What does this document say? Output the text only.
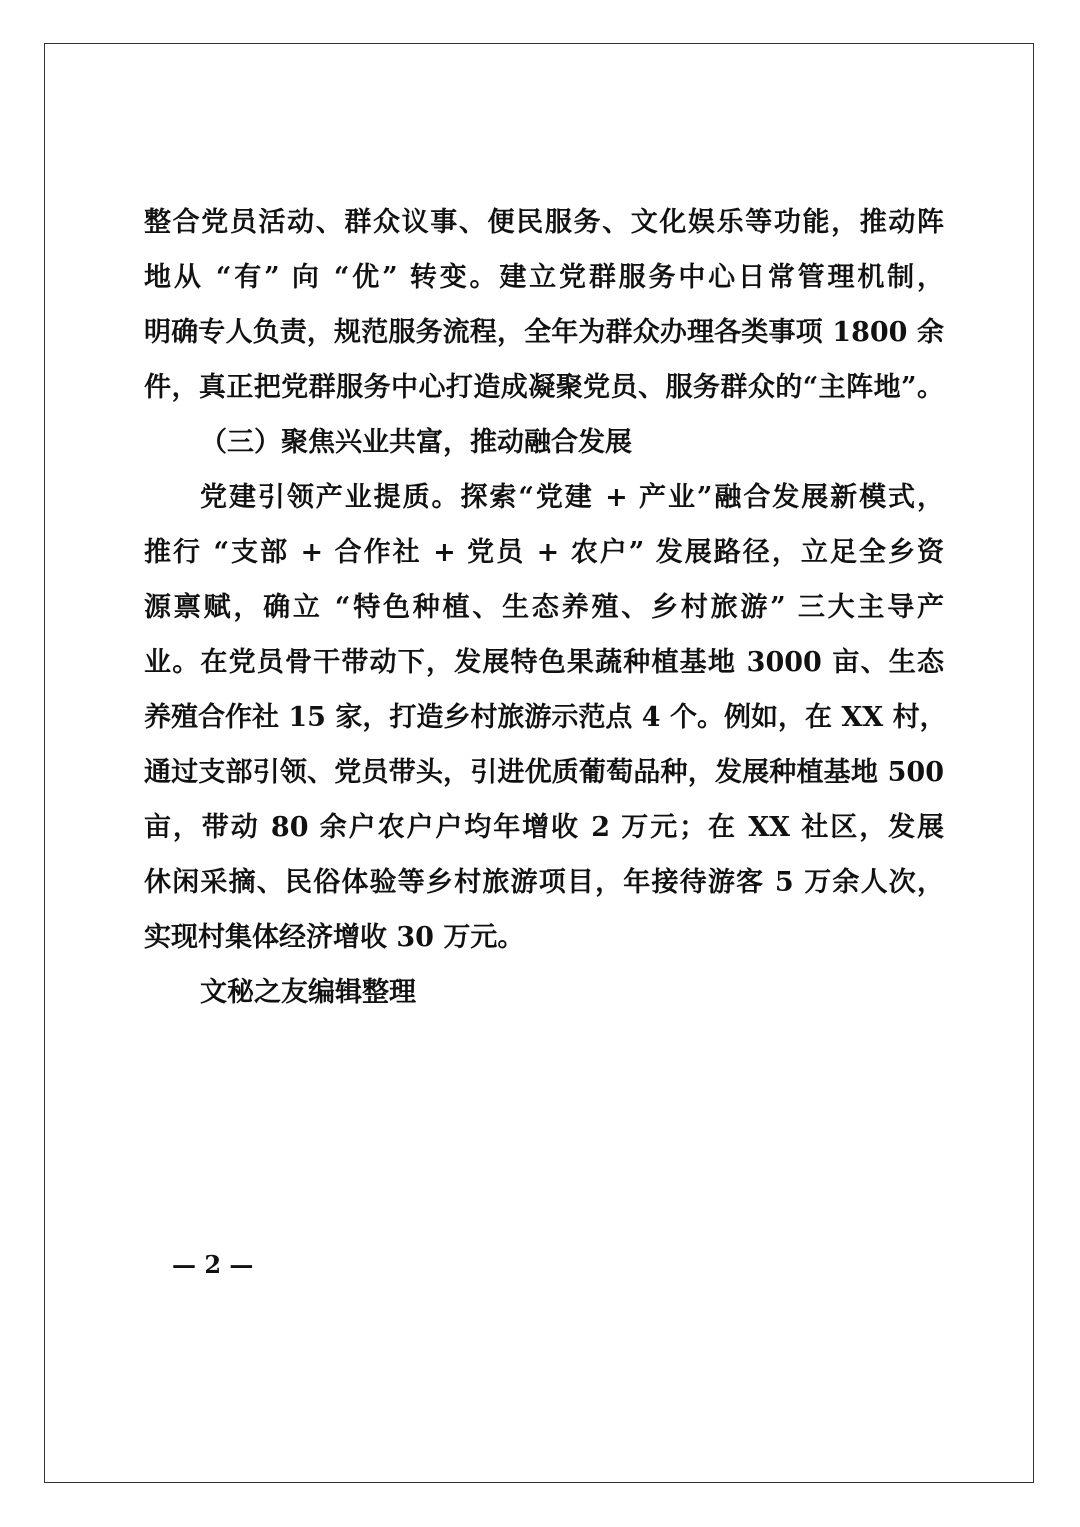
整合党员活动、群众议事、便民服务、文化娱乐等功能，推动阵
地从 “有” 向 “优” 转变。建立党群服务中心日常管理机制，
明确专人负责，规范服务流程，全年为群众办理各类事项 1800 余
件，真正把党群服务中心打造成凝聚党员、服务群众的“主阵地”。
（三）聚焦兴业共富，推动融合发展
党建引领产业提质。探索“党建 + 产业”融合发展新模式，
推行 “支部 + 合作社 + 党员 + 农户” 发展路径，立足全乡资
源禀赋，确立 “特色种植、生态养殖、乡村旅游” 三大主导产
业。在党员骨干带动下，发展特色果蔬种植基地 3000 亩、生态
养殖合作社 15 家，打造乡村旅游示范点 4 个。例如，在 XX 村，
通过支部引领、党员带头，引进优质葡萄品种，发展种植基地 500
亩，带动 80 余户农户户均年增收 2 万元；在 XX 社区，发展
休闲采摘、民俗体验等乡村旅游项目，年接待游客 5 万余人次，
实现村集体经济增收 30 万元。
文秘之友编辑整理
— 2 —
